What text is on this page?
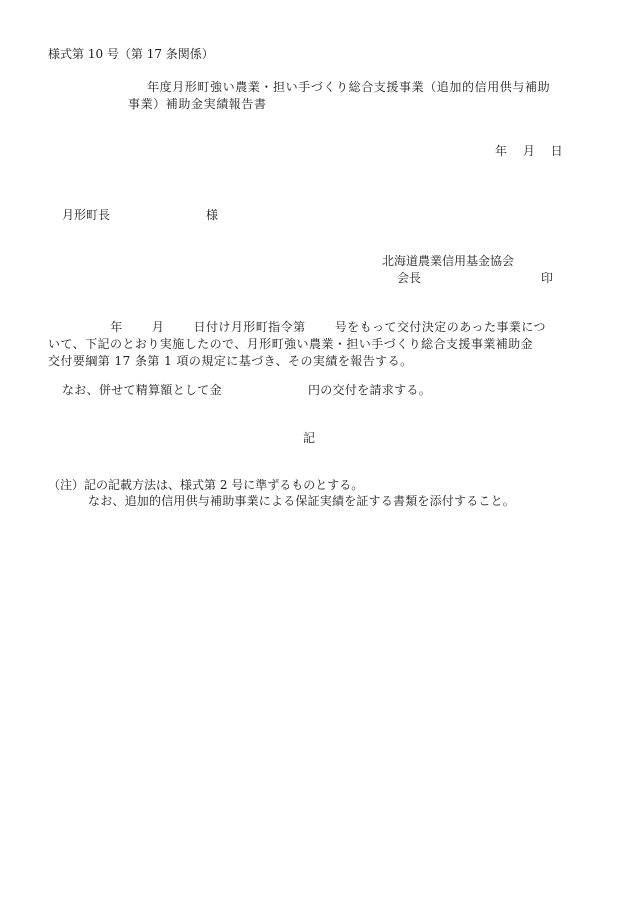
様式第 10 号（第 17 条関係）
年度月形町強い農業・担い手づくり総合支援事業（追加的信用供与補助
事業）補助金実績報告書
年　 月　 日
月形町長　　　　　　　　様
北海道農業信用基金協会
会長　　　　　　　　　　印
　　　　　年　　 月　　 日付け月形町指令第　　 号をもって交付決定のあった事業につ
いて、下記のとおり実施したので、月形町強い農業・担い手づくり総合支援事業補助金
交付要綱第 17 条第 1 項の規定に基づき、その実績を報告する。
なお、併せて精算額として金　　　　　　　円の交付を請求する。
記
（注）記の記載方法は、様式第 2 号に準ずるものとする。
なお、追加的信用供与補助事業による保証実績を証する書類を添付すること。
